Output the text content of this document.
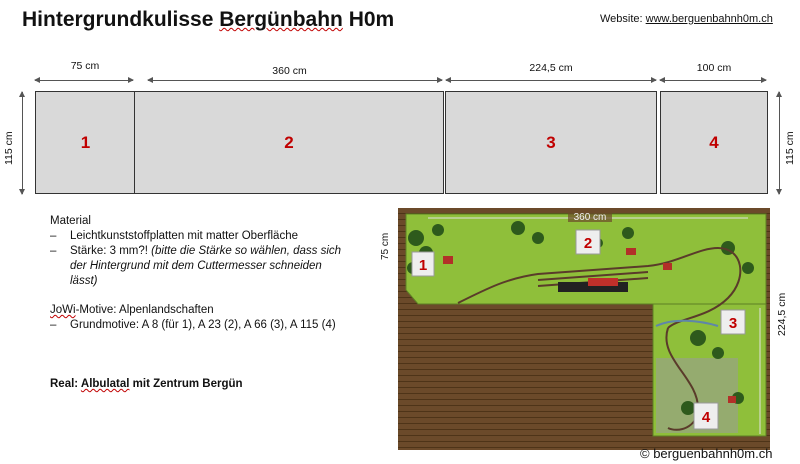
Hintergrundkulisse Bergünbahn H0m	Website: www.berguenbahnh0m.ch
75 cm	360 cm	224,5 cm	100 cm
115 cm	115 cm
1	2	3	4
Material
–	Leichtkunststoffplatten mit matter Oberfläche
–	Stärke: 3 mm?! (bitte die Stärke so wählen, dass sich der Hintergrund mit dem Cuttermesser schneiden lässt)
JoWi-Motive: Alpenlandschaften
–	Grundmotive: A 8 (für 1), A 23 (2), A 66 (3), A 115 (4)
Real: Albulatal mit Zentrum Bergün
360 cm
75 cm
1
2
3
4
224,5 cm
© berguenbahnh0m.ch
